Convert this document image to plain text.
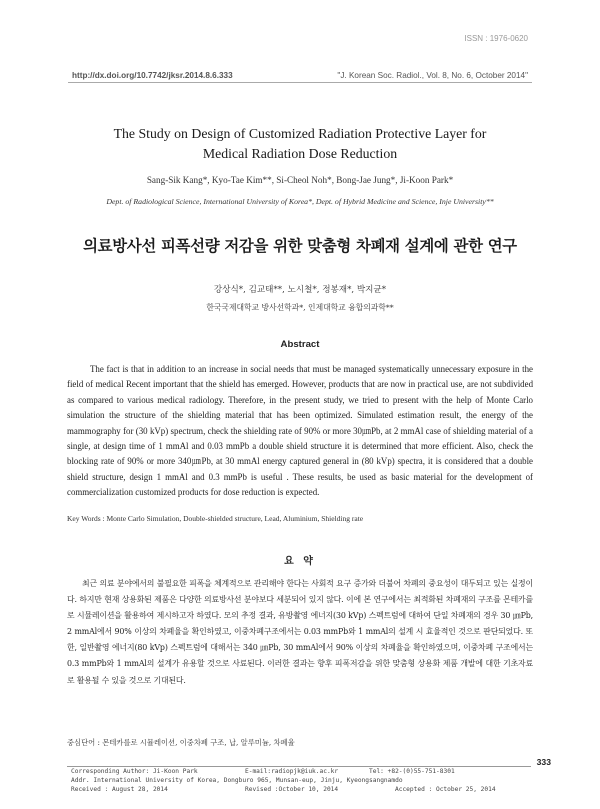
ISSN : 1976-0620
http://dx.doi.org/10.7742/jksr.2014.8.6.333	"J. Korean Soc. Radiol., Vol. 8, No. 6, October 2014"
The Study on Design of Customized Radiation Protective Layer for
Medical Radiation Dose Reduction
Sang-Sik Kang*, Kyo-Tae Kim**, Si-Cheol Noh*, Bong-Jae Jung*, Ji-Koon Park*
Dept. of Radiological Science, International University of Korea*, Dept. of Hybrid Medicine and Science, Inje University**
의료방사선 피폭선량 저감을 위한 맞춤형 차폐재 설계에 관한 연구
강상식*, 김교태**, 노시철*, 정봉재*, 박지균*
한국국제대학교 방사선학과*, 인제대학교 융합의과학**
Abstract
The fact is that in addition to an increase in social needs that must be managed systematically unnecessary exposure in the field of medical Recent important that the shield has emerged. However, products that are now in practical use, are not subdivided as compared to various medical radiology. Therefore, in the present study, we tried to present with the help of Monte Carlo simulation the structure of the shielding material that has been optimized. Simulated estimation result, the energy of the mammography for (30 kVp) spectrum, check the shielding rate of 90% or more 30㎛Pb, at 2 mmAl case of shielding material of a single, at design time of 1 mmAl and 0.03 mmPb a double shield structure it is determined that more efficient. Also, check the blocking rate of 90% or more 340㎛Pb, at 30 mmAl energy captured general in (80 kVp) spectra, it is considered that a double shield structure, design 1 mmAl and 0.3 mmPb is useful . These results, be used as basic material for the development of commercialization customized products for dose reduction is expected.
Key Words : Monte Carlo Simulation, Double-shielded structure, Lead, Aluminium, Shielding rate
요 약
최근 의료 분야에서의 불필요한 피폭을 체계적으로 관리해야 한다는 사회적 요구 증가와 더불어 차폐의 중요성이 대두되고 있는 실정이다. 하지만 현재 상용화된 제품은 다양한 의료방사선 분야보다 세분되어 있지 않다. 이에 본 연구에서는 최적화된 차폐재의 구조를 몬테카를로 시뮬레이션을 활용하여 제시하고자 하였다. 모의 추정 결과, 유방촬영 에너지(30 kVp) 스펙트럼에 대하여 단일 차폐재의 경우 30 ㎛Pb, 2 mmAl에서 90% 이상의 차폐율을 확인하였고, 이중차폐구조에서는 0.03 mmPb와 1 mmAl의 설계 시 효율적인 것으로 판단되었다. 또한, 일반촬영 에너지(80 kVp) 스펙트럼에 대해서는 340 ㎛Pb, 30 mmAl에서 90% 이상의 차폐율을 확인하였으며, 이중차폐 구조에서는 0.3 mmPb와 1 mmAl의 설계가 유용할 것으로 사료된다. 이러한 결과는 향후 피폭저감을 위한 맞춤형 상용화 제품 개발에 대한 기초자료로 활용될 수 있을 것으로 기대된다.
중심단어 : 몬테카를로 시뮬레이션, 이중차폐 구조, 납, 알루미늄, 차폐율
333
Corresponding Author: Ji-Koon Park	E-mail:radiopjk@iuk.ac.kr	Tel: +82-(0)55-751-8301
Addr. International University of Korea, Dongburo 965, Munsan-eup, Jinju, Kyeongsangnamdo
Received : August 28, 2014	Revised :October 10, 2014	Accepted : October 25, 2014
